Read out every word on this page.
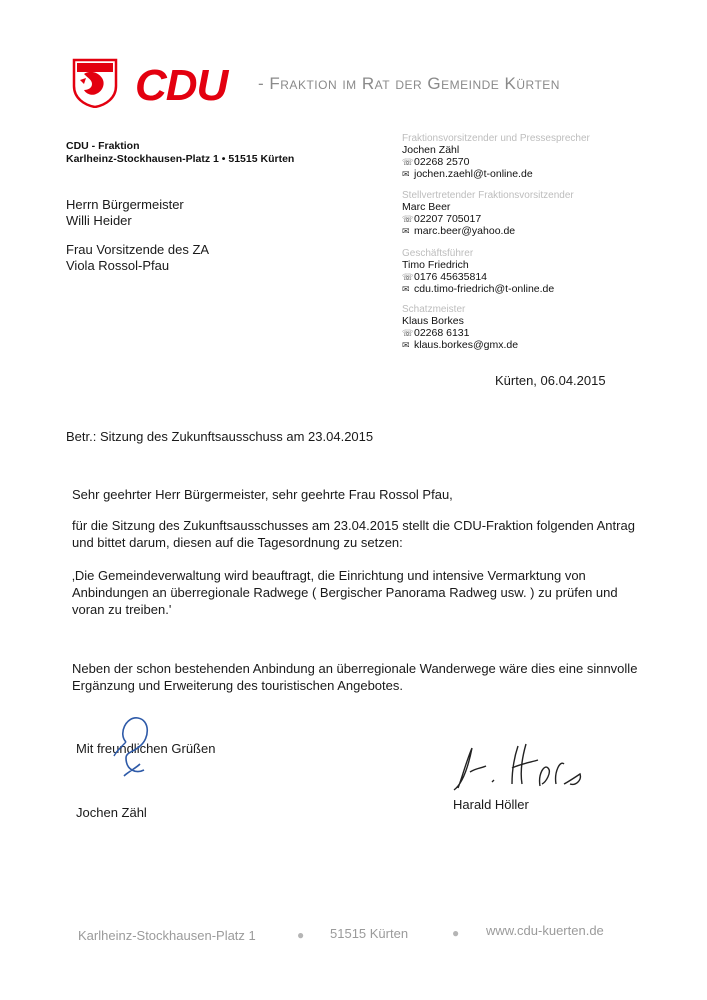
CDU - Fraktion im Rat der Gemeinde Kürten
CDU - Fraktion
Karlheinz-Stockhausen-Platz 1 • 51515 Kürten
Fraktionsvorsitzender und Pressesprecher
Jochen Zähl
☏02268 2570
✉ jochen.zaehl@t-online.de
Stellvertretender Fraktionsvorsitzender
Marc Beer
☏02207 705017
✉ marc.beer@yahoo.de
Geschäftsführer
Timo Friedrich
☏0176 45635814
✉ cdu.timo-friedrich@t-online.de
Schatzmeister
Klaus Borkes
☏02268 6131
✉ klaus.borkes@gmx.de
Herrn Bürgermeister
Willi Heider
Frau Vorsitzende des ZA
Viola Rossol-Pfau
Kürten, 06.04.2015
Betr.: Sitzung des Zukunftsausschuss am 23.04.2015
Sehr geehrter Herr Bürgermeister, sehr geehrte Frau Rossol Pfau,
für die Sitzung des Zukunftsausschusses am 23.04.2015 stellt die CDU-Fraktion folgenden Antrag
und bittet darum, diesen auf die Tagesordnung zu setzen:
‚Die Gemeindeverwaltung wird beauftragt, die Einrichtung und intensive Vermarktung von
Anbindungen an überregionale Radwege ( Bergischer Panorama Radweg usw. ) zu prüfen und
voran zu treiben.'
Neben der schon bestehenden Anbindung an überregionale Wanderwege wäre dies eine sinnvolle
Ergänzung und Erweiterung des touristischen Angebotes.
Mit freundlichen Grüßen
Jochen Zähl
Harald Höller
Karlheinz-Stockhausen-Platz 1	● 51515 Kürten	● www.cdu-kuerten.de
